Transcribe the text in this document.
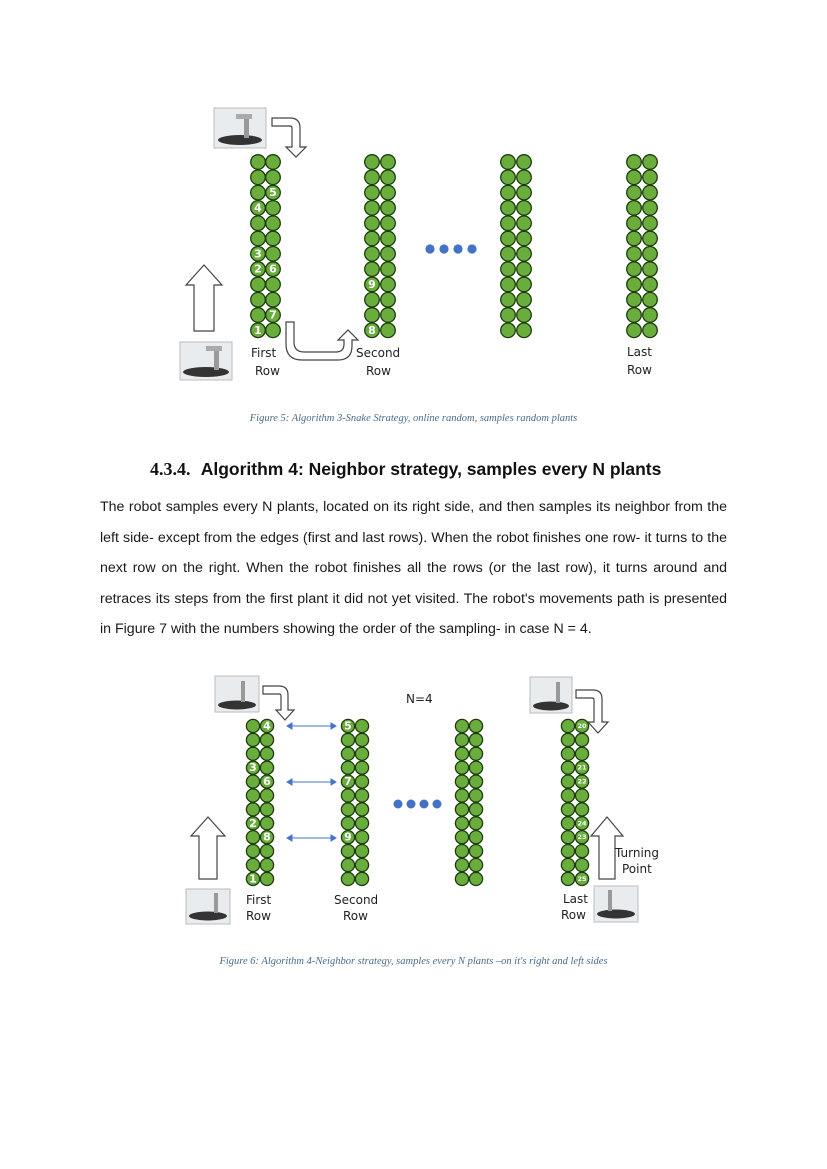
First
Row
Second
Row
Last
Row
1
2
3
4
5
6
7
8
9
Figure 5: Algorithm 3-Snake Strategy, online random, samples random plants
4.3.4. Algorithm 4: Neighbor strategy, samples every N plants
The robot samples every N plants, located on its right side, and then samples its neighbor from the left side- except from the edges (first and last rows). When the robot finishes one row- it turns to the next row on the right. When the robot finishes all the rows (or the last row), it turns around and retraces its steps from the first plant it did not yet visited. The robot's movements path is presented in Figure 7 with the numbers showing the order of the sampling- in case N = 4.
N=4
First
Row
Second
Row
Last
Row
Turning
Point
4
3
6
2
8
1
5
7
9
20
21
22
24
23
25
Figure 6: Algorithm 4-Neighbor strategy, samples every N plants –on it's right and left sides
